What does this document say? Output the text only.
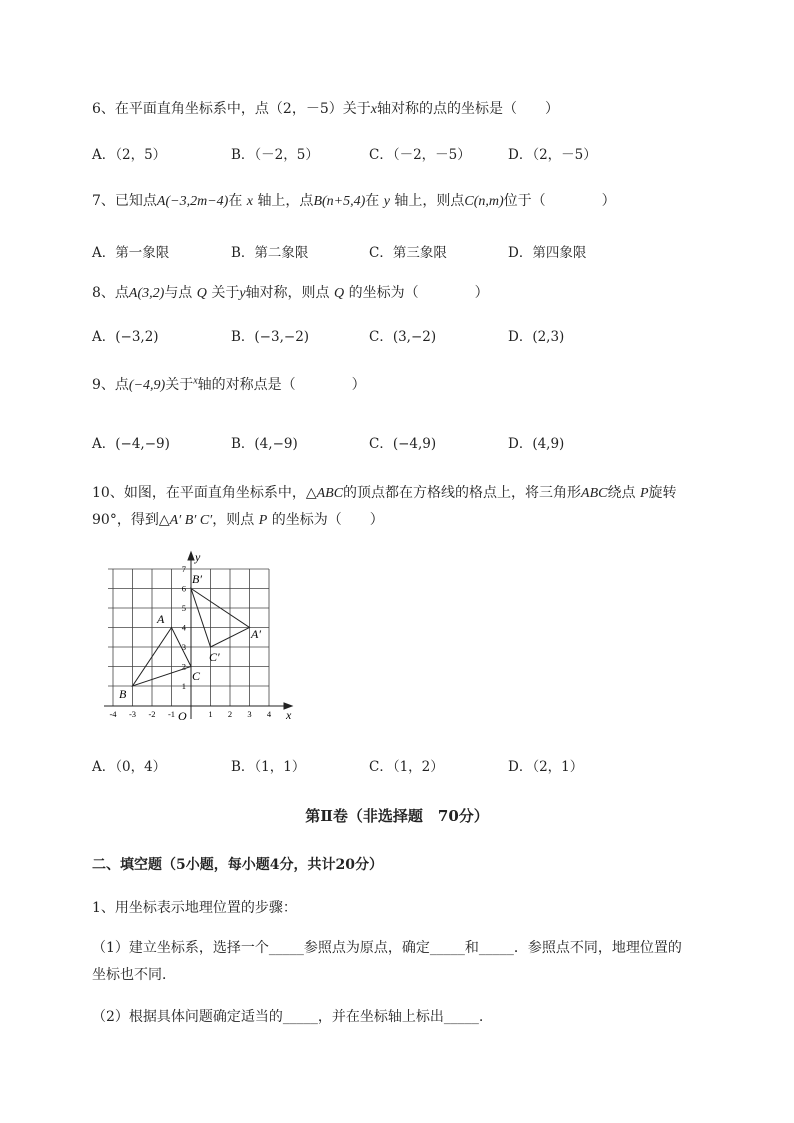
6、在平面直角坐标系中，点（2，－5）关于x轴对称的点的坐标是（　　）
A．（2，5）	B．（－2，5）	C．（－2，－5）	D．（2，－5）
7、已知点A(−3,2m−4)在 x 轴上，点B(n+5,4)在 y 轴上，则点C(n,m)位于（　　　　）
A．第一象限	B．第二象限	C．第三象限	D．第四象限
8、点A(3,2)与点 Q 关于y轴对称，则点 Q 的坐标为（　　　　）
A．(−3,2)	B．(−3,−2)	C．(3,−2)	D．(2,3)
9、点(−4,9)关于$^x$轴的对称点是（　　　　）
A．(−4,−9)	B．(4,−9)	C．(−4,9)	D．(4,9)
10、如图，在平面直角坐标系中，△ABC的顶点都在方格线的格点上，将三角形ABC绕点 P旋转
90°，得到△A′ B′ C′，则点 P 的坐标为（　　）
A
B
C
A′
B′
C′
x
y
O
-4 -3 -2 -1	1 2 3 4
1
2
3
4
5
6
7
A．（0，4）	B．（1，1）	C．（1，2）	D．（2，1）
第Ⅱ卷（非选择题　70分）
二、填空题（5小题，每小题4分，共计20分）
1、用坐标表示地理位置的步骤：
（1）建立坐标系，选择一个_____参照点为原点，确定_____和_____．参照点不同，地理位置的
坐标也不同．
（2）根据具体问题确定适当的_____，并在坐标轴上标出_____.
